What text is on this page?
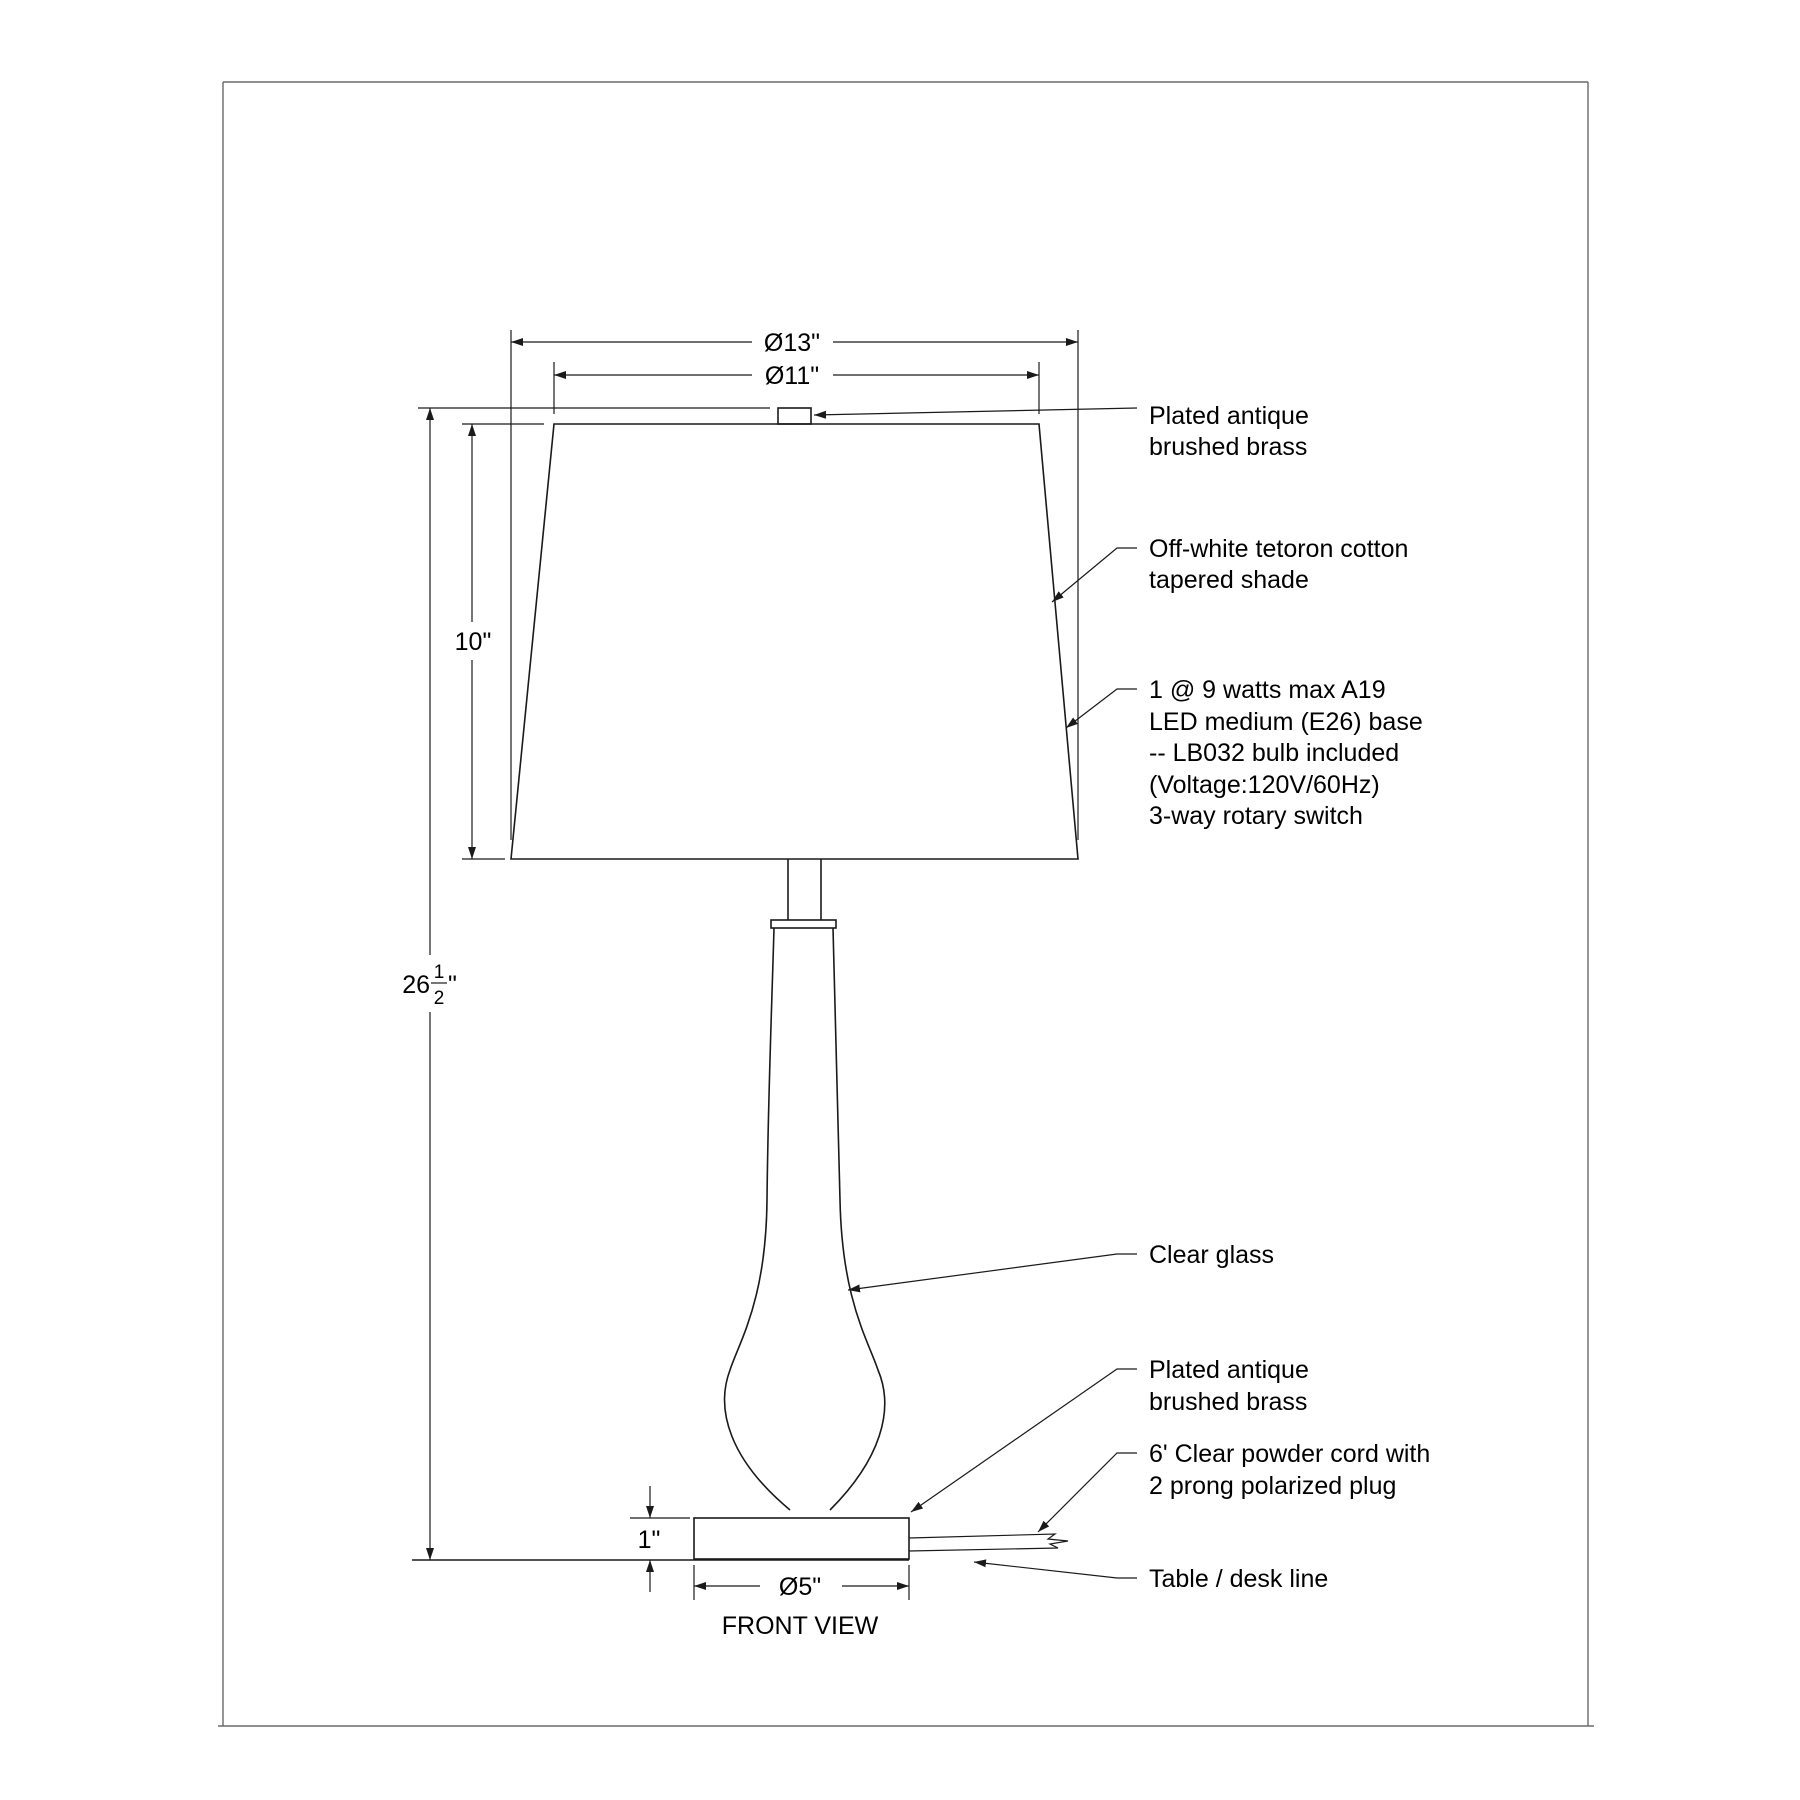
Ø13"
Ø11"
10"
26 1
2 "
1"
Ø5"
Plated antique
brushed brass
Off-white tetoron cotton
tapered shade
1 @ 9 watts max A19
LED medium (E26) base
-- LB032 bulb included
(Voltage:120V/60Hz)
3-way rotary switch
Clear glass
Plated antique
brushed brass
6' Clear powder cord with
2 prong polarized plug
Table / desk line
FRONT VIEW
